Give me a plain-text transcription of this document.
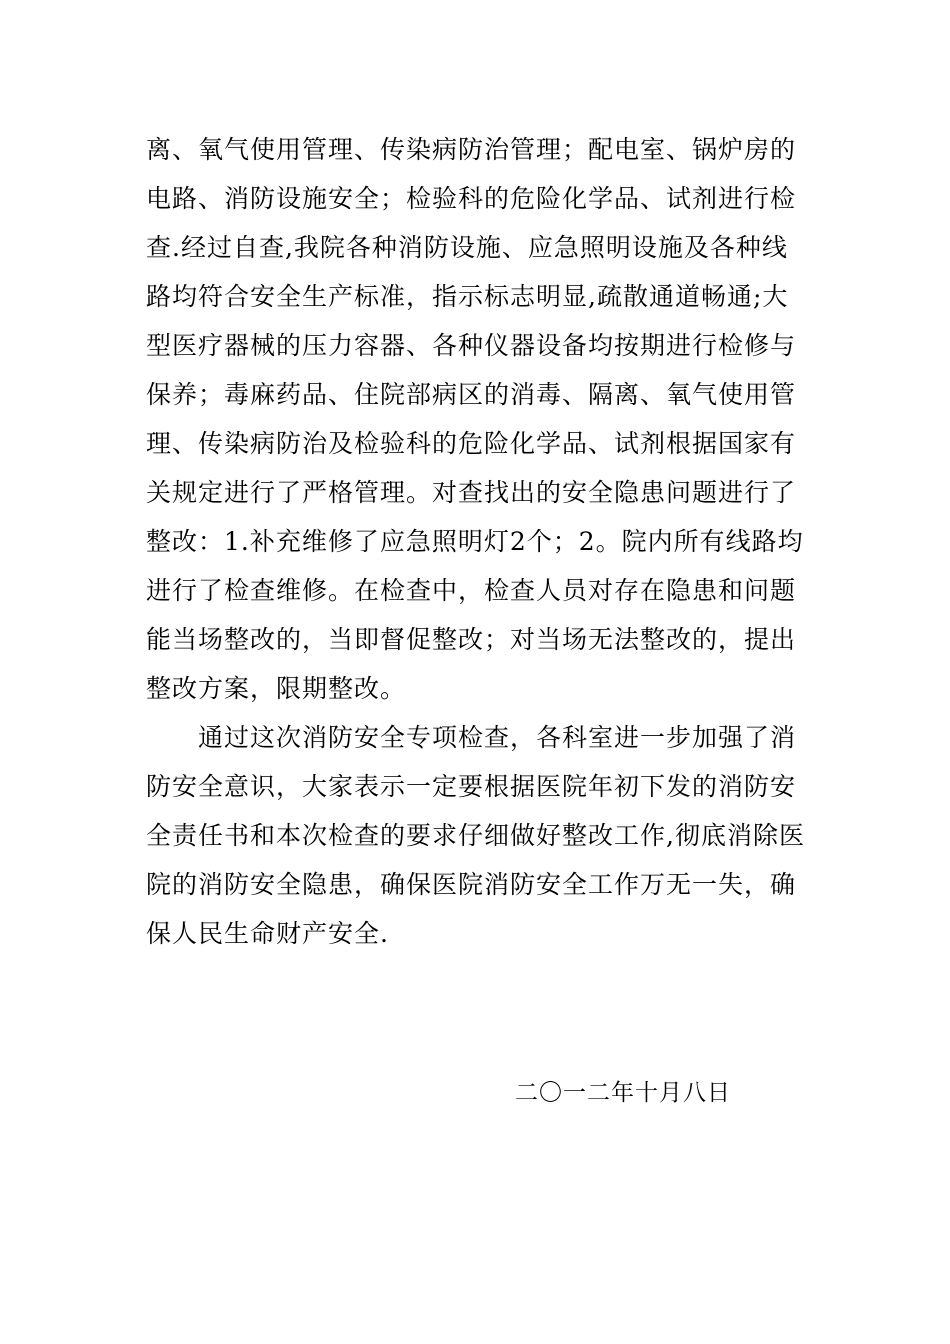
离、氧气使用管理、传染病防治管理；配电室、锅炉房的
电路、消防设施安全；检验科的危险化学品、试剂进行检
查.经过自查,我院各种消防设施、应急照明设施及各种线
路均符合安全生产标准，指示标志明显,疏散通道畅通;大
型医疗器械的压力容器、各种仪器设备均按期进行检修与
保养；毒麻药品、住院部病区的消毒、隔离、氧气使用管
理、传染病防治及检验科的危险化学品、试剂根据国家有
关规定进行了严格管理。对查找出的安全隐患问题进行了
整改：1.补充维修了应急照明灯2个；2。院内所有线路均
进行了检查维修。在检查中，检查人员对存在隐患和问题
能当场整改的，当即督促整改；对当场无法整改的，提出
整改方案，限期整改。
　　通过这次消防安全专项检查，各科室进一步加强了消
防安全意识，大家表示一定要根据医院年初下发的消防安
全责任书和本次检查的要求仔细做好整改工作,彻底消除医
院的消防安全隐患，确保医院消防安全工作万无一失，确
保人民生命财产安全.
二〇一二年十月八日
